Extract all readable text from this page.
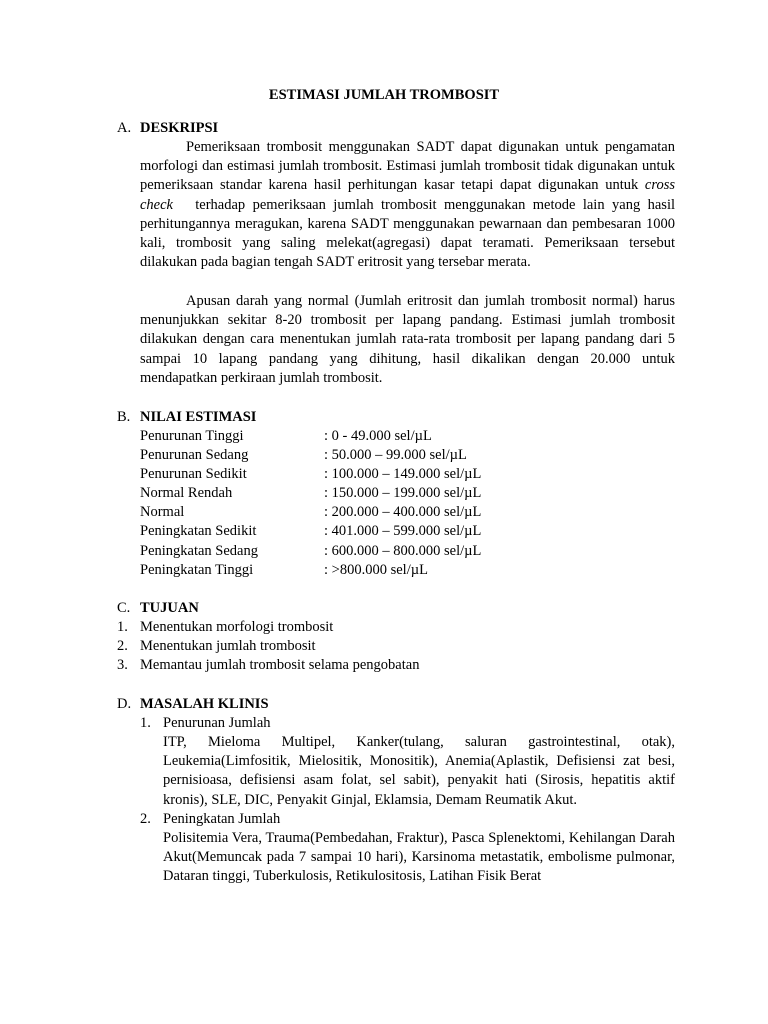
ESTIMASI JUMLAH TROMBOSIT
A. DESKRIPSI
Pemeriksaan trombosit menggunakan SADT dapat digunakan untuk pengamatan morfologi dan estimasi jumlah trombosit. Estimasi jumlah trombosit tidak digunakan untuk pemeriksaan standar karena hasil perhitungan kasar tetapi dapat digunakan untuk cross check terhadap pemeriksaan jumlah trombosit menggunakan metode lain yang hasil perhitungannya meragukan, karena SADT menggunakan pewarnaan dan pembesaran 1000 kali, trombosit yang saling melekat(agregasi) dapat teramati. Pemeriksaan tersebut dilakukan pada bagian tengah SADT eritrosit yang tersebar merata.
Apusan darah yang normal (Jumlah eritrosit dan jumlah trombosit normal) harus menunjukkan sekitar 8-20 trombosit per lapang pandang. Estimasi jumlah trombosit dilakukan dengan cara menentukan jumlah rata-rata trombosit per lapang pandang dari 5 sampai 10 lapang pandang yang dihitung, hasil dikalikan dengan 20.000 untuk mendapatkan perkiraan jumlah trombosit.
B. NILAI ESTIMASI
Penurunan Tinggi	: 0 - 49.000 sel/µL
Penurunan Sedang	: 50.000 – 99.000 sel/µL
Penurunan Sedikit	: 100.000 – 149.000 sel/µL
Normal Rendah	: 150.000 – 199.000 sel/µL
Normal	: 200.000 – 400.000 sel/µL
Peningkatan Sedikit	: 401.000 – 599.000 sel/µL
Peningkatan Sedang	: 600.000 – 800.000 sel/µL
Peningkatan Tinggi	: >800.000 sel/µL
C. TUJUAN
1. Menentukan morfologi trombosit
2. Menentukan jumlah trombosit
3. Memantau jumlah trombosit selama pengobatan
D. MASALAH KLINIS
1. Penurunan Jumlah
ITP, Mieloma Multipel, Kanker(tulang, saluran gastrointestinal, otak), Leukemia(Limfositik, Mielositik, Monositik), Anemia(Aplastik, Defisiensi zat besi, pernisioasa, defisiensi asam folat, sel sabit), penyakit hati (Sirosis, hepatitis aktif kronis), SLE, DIC, Penyakit Ginjal, Eklamsia, Demam Reumatik Akut.
2. Peningkatan Jumlah
Polisitemia Vera, Trauma(Pembedahan, Fraktur), Pasca Splenektomi, Kehilangan Darah Akut(Memuncak pada 7 sampai 10 hari), Karsinoma metastatik, embolisme pulmonar, Dataran tinggi, Tuberkulosis, Retikulositosis, Latihan Fisik Berat
